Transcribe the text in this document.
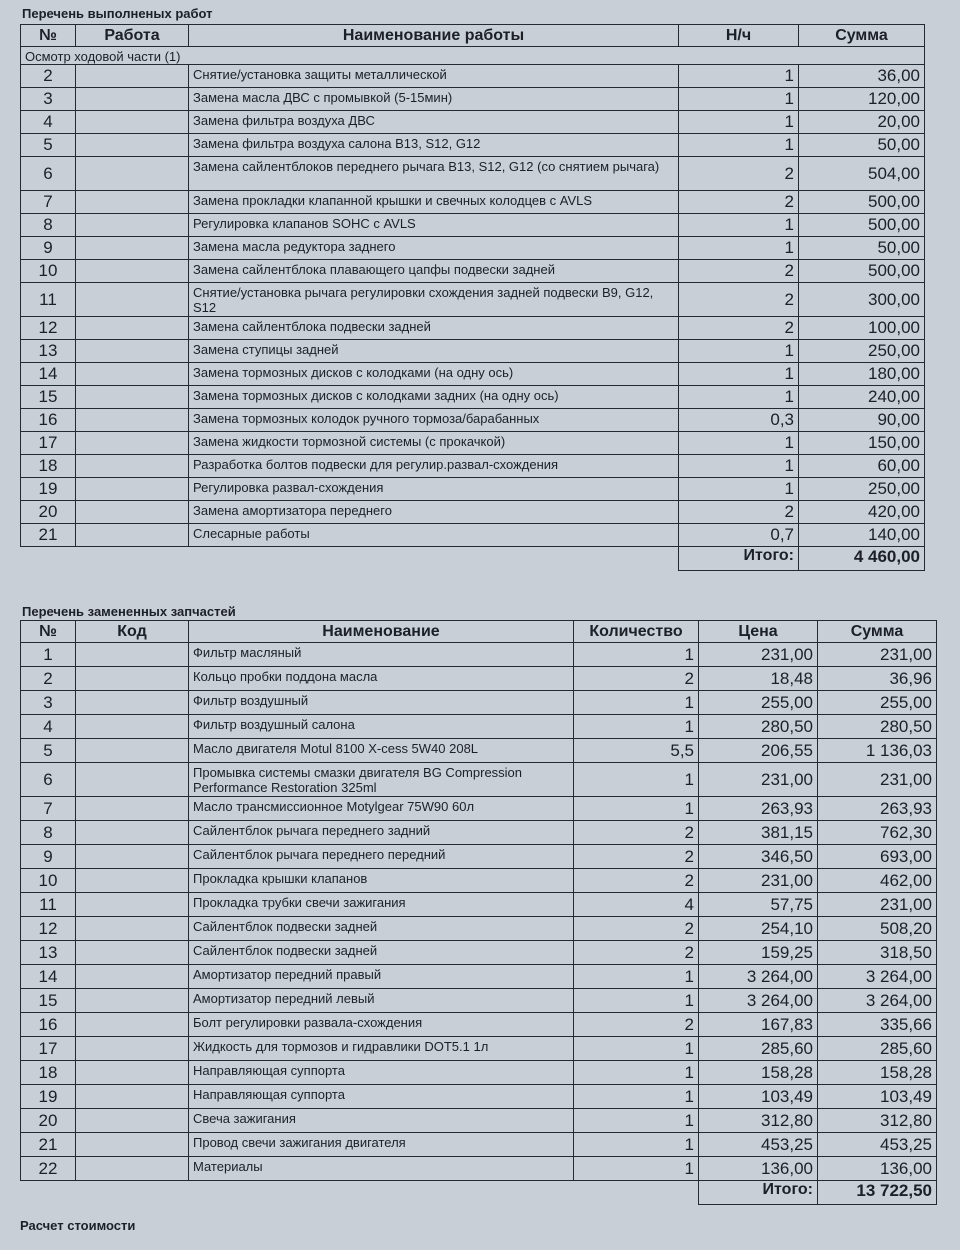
Перечень выполненых работ
№	Работа	Наименование работы	Н/ч	Сумма
Осмотр ходовой части (1)				
2		Снятие/установка защиты металлической	1	36,00
3		Замена масла ДВС с промывкой (5-15мин)	1	120,00
4		Замена фильтра воздуха ДВС	1	20,00
5		Замена фильтра воздуха салона B13, S12, G12	1	50,00
6		Замена сайлентблоков переднего рычага B13, S12, G12 (со снятием рычага)	2	504,00
7		Замена прокладки клапанной крышки и свечных колодцев с AVLS	2	500,00
8		Регулировка клапанов SOHC с AVLS	1	500,00
9		Замена масла редуктора заднего	1	50,00
10		Замена сайлентблока плавающего цапфы подвески задней	2	500,00
11		Снятие/установка рычага регулировки схождения задней подвески B9, G12, S12	2	300,00
12		Замена сайлентблока подвески задней	2	100,00
13		Замена ступицы задней	1	250,00
14		Замена тормозных дисков с колодками (на одну ось)	1	180,00
15		Замена тормозных дисков с колодками задних (на одну ось)	1	240,00
16		Замена тормозных колодок ручного тормоза/барабанных	0,3	90,00
17		Замена жидкости тормозной системы (с прокачкой)	1	150,00
18		Разработка болтов подвески для регулир.развал-схождения	1	60,00
19		Регулировка развал-схождения	1	250,00
20		Замена амортизатора переднего	2	420,00
21		Слесарные работы	0,7	140,00
			Итого:	4 460,00
Перечень замененных запчастей
№	Код	Наименование	Количество	Цена	Сумма
1		Фильтр масляный	1	231,00	231,00
2		Кольцо пробки поддона масла	2	18,48	36,96
3		Фильтр воздушный	1	255,00	255,00
4		Фильтр воздушный салона	1	280,50	280,50
5		Масло двигателя Motul 8100 X-cess 5W40 208L	5,5	206,55	1 136,03
6		Промывка системы смазки двигателя BG Compression Performance Restoration 325ml	1	231,00	231,00
7		Масло трансмиссионное Motylgear 75W90 60л	1	263,93	263,93
8		Сайлентблок рычага переднего задний	2	381,15	762,30
9		Сайлентблок рычага переднего передний	2	346,50	693,00
10		Прокладка крышки клапанов	2	231,00	462,00
11		Прокладка трубки свечи зажигания	4	57,75	231,00
12		Сайлентблок подвески задней	2	254,10	508,20
13		Сайлентблок подвески задней	2	159,25	318,50
14		Амортизатор передний правый	1	3 264,00	3 264,00
15		Амортизатор передний левый	1	3 264,00	3 264,00
16		Болт регулировки развала-схождения	2	167,83	335,66
17		Жидкость для тормозов и гидравлики DOT5.1 1л	1	285,60	285,60
18		Направляющая суппорта	1	158,28	158,28
19		Направляющая суппорта	1	103,49	103,49
20		Свеча зажигания	1	312,80	312,80
21		Провод свечи зажигания двигателя	1	453,25	453,25
22		Материалы	1	136,00	136,00
				Итого:	13 722,50
Расчет стоимости
